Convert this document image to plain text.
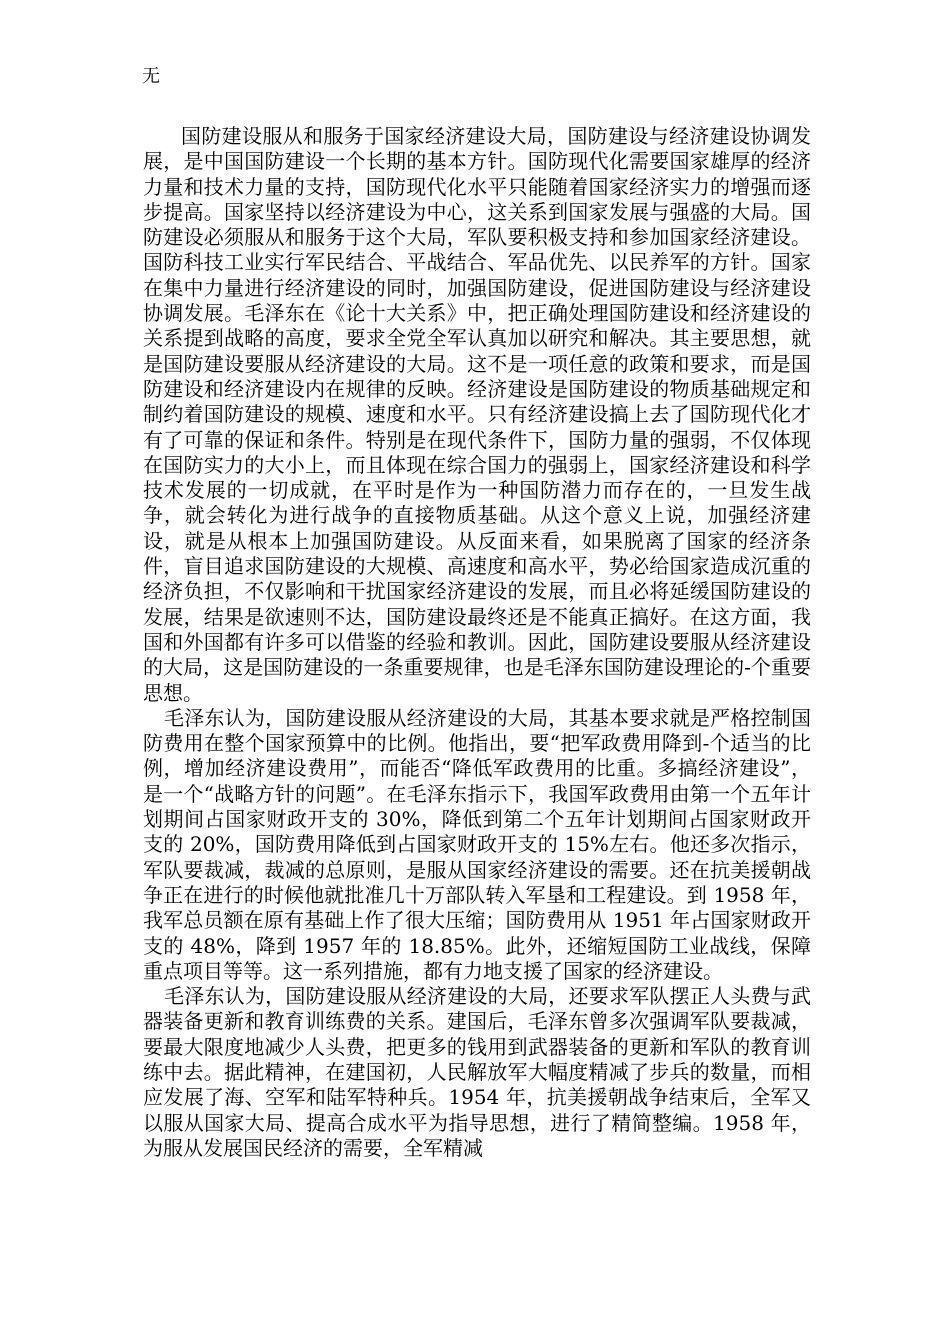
无

国防建设服从和服务于国家经济建设大局，国防建设与经济建设协调发展，是中国国防建设一个长期的基本方针。国防现代化需要国家雄厚的经济力量和技术力量的支持，国防现代化水平只能随着国家经济实力的增强而逐步提高。国家坚持以经济建设为中心，这关系到国家发展与强盛的大局。国防建设必须服从和服务于这个大局，军队要积极支持和参加国家经济建设。国防科技工业实行军民结合、平战结合、军品优先、以民养军的方针。国家在集中力量进行经济建设的同时，加强国防建设，促进国防建设与经济建设协调发展。毛泽东在《论十大关系》中，把正确处理国防建设和经济建设的关系提到战略的高度，要求全党全军认真加以研究和解决。其主要思想，就是国防建设要服从经济建设的大局。这不是一项任意的政策和要求，而是国防建设和经济建设内在规律的反映。经济建设是国防建设的物质基础规定和制约着国防建设的规模、速度和水平。只有经济建设搞上去了国防现代化才有了可靠的保证和条件。特别是在现代条件下，国防力量的强弱，不仅体现在国防实力的大小上，而且体现在综合国力的强弱上，国家经济建设和科学技术发展的一切成就，在平时是作为一种国防潜力而存在的，一旦发生战争，就会转化为进行战争的直接物质基础。从这个意义上说，加强经济建设，就是从根本上加强国防建设。从反面来看，如果脱离了国家的经济条件，盲目追求国防建设的大规模、高速度和高水平，势必给国家造成沉重的经济负担，不仅影响和干扰国家经济建设的发展，而且必将延缓国防建设的发展，结果是欲速则不达，国防建设最终还是不能真正搞好。在这方面，我国和外国都有许多可以借鉴的经验和教训。因此，国防建设要服从经济建设的大局，这是国防建设的一条重要规律，也是毛泽东国防建设理论的-个重要思想。

毛泽东认为，国防建设服从经济建设的大局，其基本要求就是严格控制国防费用在整个国家预算中的比例。他指出，要“把军政费用降到-个适当的比例，增加经济建设费用”，而能否“降低军政费用的比重。多搞经济建设”，是一个“战略方针的问题”。在毛泽东指示下，我国军政费用由第一个五年计划期间占国家财政开支的 30%，降低到第二个五年计划期间占国家财政开支的 20%，国防费用降低到占国家财政开支的 15%左右。他还多次指示，军队要裁减，裁减的总原则，是服从国家经济建设的需要。还在抗美援朝战争正在进行的时候他就批准几十万部队转入军垦和工程建设。到 1958 年，我军总员额在原有基础上作了很大压缩；国防费用从 1951 年占国家财政开支的 48%，降到 1957 年的 18.85%。此外，还缩短国防工业战线，保障重点项目等等。这一系列措施，都有力地支援了国家的经济建设。

毛泽东认为，国防建设服从经济建设的大局，还要求军队摆正人头费与武器装备更新和教育训练费的关系。建国后，毛泽东曾多次强调军队要裁减，要最大限度地减少人头费，把更多的钱用到武器装备的更新和军队的教育训练中去。据此精神，在建国初，人民解放军大幅度精减了步兵的数量，而相应发展了海、空军和陆军特种兵。1954 年，抗美援朝战争结束后，全军又以服从国家大局、提高合成水平为指导思想，进行了精简整编。1958 年，为服从发展国民经济的需要，全军精减
